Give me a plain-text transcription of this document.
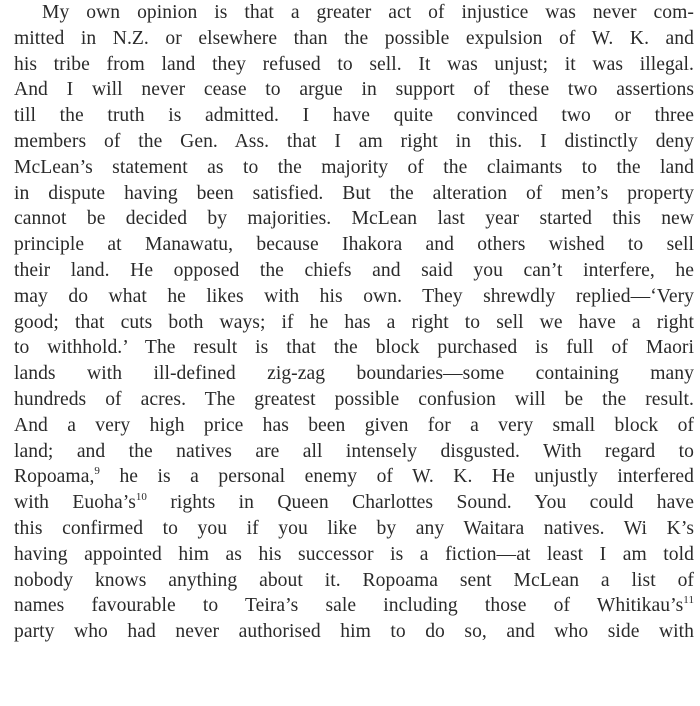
My own opinion is that a greater act of injustice was never com-
mitted in N.Z. or elsewhere than the possible expulsion of W. K. and
his tribe from land they refused to sell. It was unjust; it was illegal.
And I will never cease to argue in support of these two assertions
till the truth is admitted. I have quite convinced two or three
members of the Gen. Ass. that I am right in this. I distinctly deny
McLean’s statement as to the majority of the claimants to the land
in dispute having been satisfied. But the alteration of men’s property
cannot be decided by majorities. McLean last year started this new
principle at Manawatu, because Ihakora and others wished to sell
their land. He opposed the chiefs and said you can’t interfere, he
may do what he likes with his own. They shrewdly replied—‘Very
good; that cuts both ways; if he has a right to sell we have a right
to withhold.’ The result is that the block purchased is full of Maori
lands with ill-defined zig-zag boundaries—some containing many
hundreds of acres. The greatest possible confusion will be the result.
And a very high price has been given for a very small block of
land; and the natives are all intensely disgusted. With regard to
Ropoama,$^9$ he is a personal enemy of W. K. He unjustly interfered
with $Euoha’s^{10}$ rights in Queen Charlottes Sound. You could have
this confirmed to you if you like by any Waitara natives. Wi K’s
having appointed him as his successor is a fiction—at least I am told
nobody knows anything about it. Ropoama sent McLean a list of
names favourable to Teira’s sale including those of $Whitikau’s^{11}$
party who had never authorised him to do so, and who side with
